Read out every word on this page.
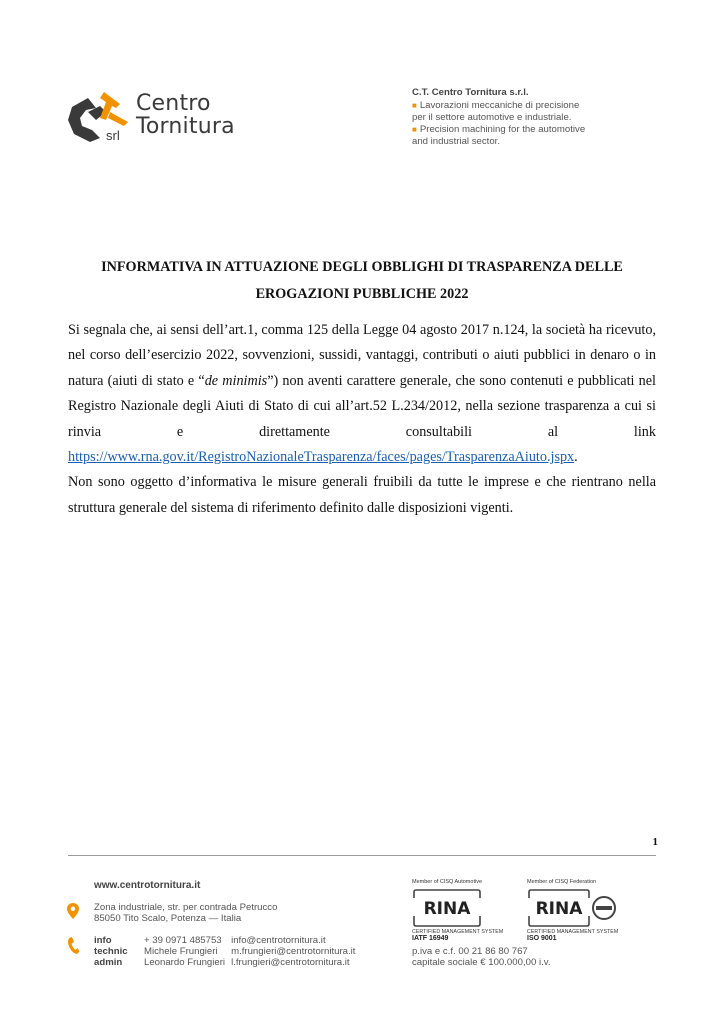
srl
Centro
Tornitura
C.T. Centro Tornitura s.r.l.
■ Lavorazioni meccaniche di precisione
per il settore automotive e industriale.
■ Precision machining for the automotive
and industrial sector.
INFORMATIVA IN ATTUAZIONE DEGLI OBBLIGHI DI TRASPARENZA DELLE
EROGAZIONI PUBBLICHE 2022

Si segnala che, ai sensi dell’art.1, comma 125 della Legge 04 agosto 2017 n.124, la società ha ricevuto, nel corso dell’esercizio 2022, sovvenzioni, sussidi, vantaggi, contributi o aiuti pubblici in denaro o in natura (aiuti di stato e “de minimis”) non aventi carattere generale, che sono contenuti e pubblicati nel Registro Nazionale degli Aiuti di Stato di cui all’art.52 L.234/2012, nella sezione trasparenza a cui si rinvia e direttamente consultabili al link https://www.rna.gov.it/RegistroNazionaleTrasparenza/faces/pages/TrasparenzaAiuto.jspx.

Non sono oggetto d’informativa le misure generali fruibili da tutte le imprese e che rientrano nella struttura generale del sistema di riferimento definito dalle disposizioni vigenti.

1
www.centrotornitura.it
Zona industriale, str. per contrada Petrucco
85050 Tito Scalo, Potenza — Italia
info	+ 39 0971 485753	info@centrotornitura.it
technic	Michele Frungieri	m.frungieri@centrotornitura.it
admin	Leonardo Frungieri	l.frungieri@centrotornitura.it
Member of CISQ Automotive
RINA
CERTIFIED MANAGEMENT SYSTEM
IATF 16949
Member of CISQ Federation
RINA
CERTIFIED MANAGEMENT SYSTEM
ISO 9001
p.iva e c.f. 00 21 86 80 767
capitale sociale € 100.000,00 i.v.
